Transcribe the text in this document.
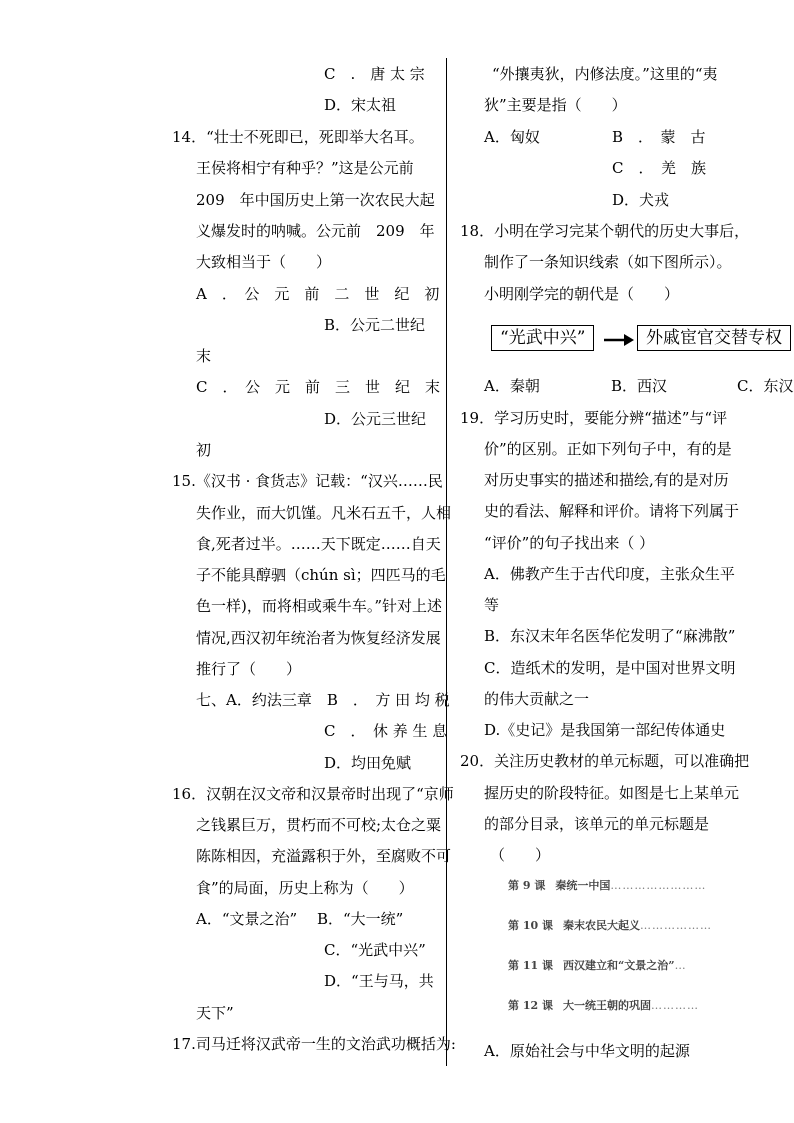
C　.　唐 太 宗
D．宋太祖
14．“壮士不死即已，死即举大名耳。
王侯将相宁有种乎？”这是公元前
209　年中国历史上第一次农民大起
义爆发时的呐喊。公元前　209　年
大致相当于（　　）
A　．　公　元　前　二　世　纪　初
B．公元二世纪
末
C　．　公　元　前　三　世　纪　末
D．公元三世纪
初
15.《汉书 · 食货志》记载：“汉兴……民
失作业，而大饥馑。凡米石五千，人相
食,死者过半。……天下既定……自天
子不能具醇驷（chún sì；四匹马的毛
色一样)，而将相或乘牛车。”针对上述
情况,西汉初年统治者为恢复经济发展
推行了（　　）
七、A．约法三章　B　．　方 田 均 税
C　．　休 养 生 息
D．均田免赋
16．汉朝在汉文帝和汉景帝时出现了“京师
之钱累巨万，贯朽而不可校;太仓之粟
陈陈相因，充溢露积于外，至腐败不可
食”的局面，历史上称为（　　）
A．“文景之治”　 B．“大一统”
C．“光武中兴”
D．“王与马，共
天下”
17.司马迁将汉武帝一生的文治武功概括为:
“外攘夷狄，内修法度。”这里的“夷
狄”主要是指（　　）
A．匈奴	B　．　蒙　古
C　．　羌　族
D．犬戎
18．小明在学习完某个朝代的历史大事后，
制作了一条知识线索（如下图所示）。
小明刚学完的朝代是（　　）
“光武中兴”	外戚宦官交替专权
A．秦朝	B．西汉	C．东汉
19．学习历史时，要能分辨“描述”与“评
价”的区别。正如下列句子中，有的是
对历史事实的描述和描绘,有的是对历
史的看法、解释和评价。请将下列属于
“评价”的句子找出来（ ）
A．佛教产生于古代印度，主张众生平
等
B．东汉末年名医华佗发明了“麻沸散”
C．造纸术的发明，是中国对世界文明
的伟大贡献之一
D.《史记》是我国第一部纪传体通史
20．关注历史教材的单元标题，可以准确把
握历史的阶段特征。如图是七上某单元
的部分目录，该单元的单元标题是
（　　）
第 9 课 秦统一中国……………………
第 10 课 秦末农民大起义………………
第 11 课 西汉建立和“文景之治”…
第 12 课 大一统王朝的巩固…………
A．原始社会与中华文明的起源
